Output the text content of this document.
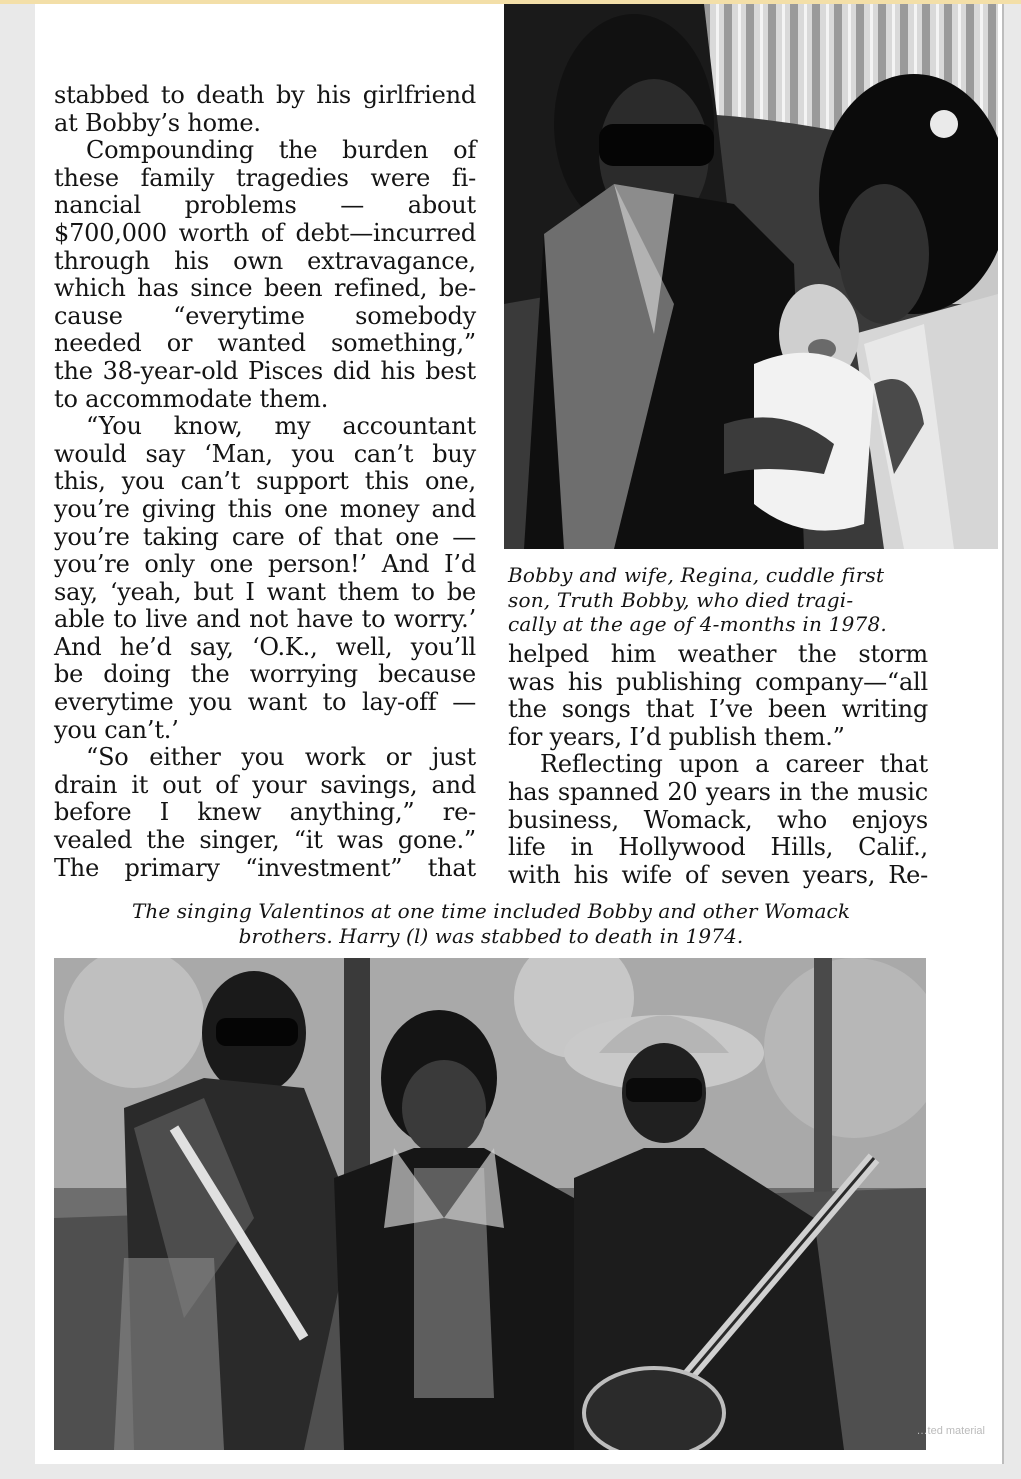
stabbed to death by his girlfriend
at Bobby’s home.
Compounding the burden of
these family tragedies were fi-
nancial problems — about
$700,000 worth of debt—incurred
through his own extravagance,
which has since been refined, be-
cause “everytime somebody
needed or wanted something,”
the 38-year-old Pisces did his best
to accommodate them.
“You know, my accountant
would say ‘Man, you can’t buy
this, you can’t support this one,
you’re giving this one money and
you’re taking care of that one —
you’re only one person!’ And I’d
say, ‘yeah, but I want them to be
able to live and not have to worry.’
And he’d say, ‘O.K., well, you’ll
be doing the worrying because
everytime you want to lay-off —
you can’t.’
“So either you work or just
drain it out of your savings, and
before I knew anything,” re-
vealed the singer, “it was gone.”
The primary “investment” that
Bobby and wife, Regina, cuddle first
son, Truth Bobby, who died tragi-
cally at the age of 4-months in 1978.
helped him weather the storm
was his publishing company—“all
the songs that I’ve been writing
for years, I’d publish them.”
Reflecting upon a career that
has spanned 20 years in the music
business, Womack, who enjoys
life in Hollywood Hills, Calif.,
with his wife of seven years, Re-
The singing Valentinos at one time included Bobby and other Womack
brothers. Harry (l) was stabbed to death in 1974.
…ted material
